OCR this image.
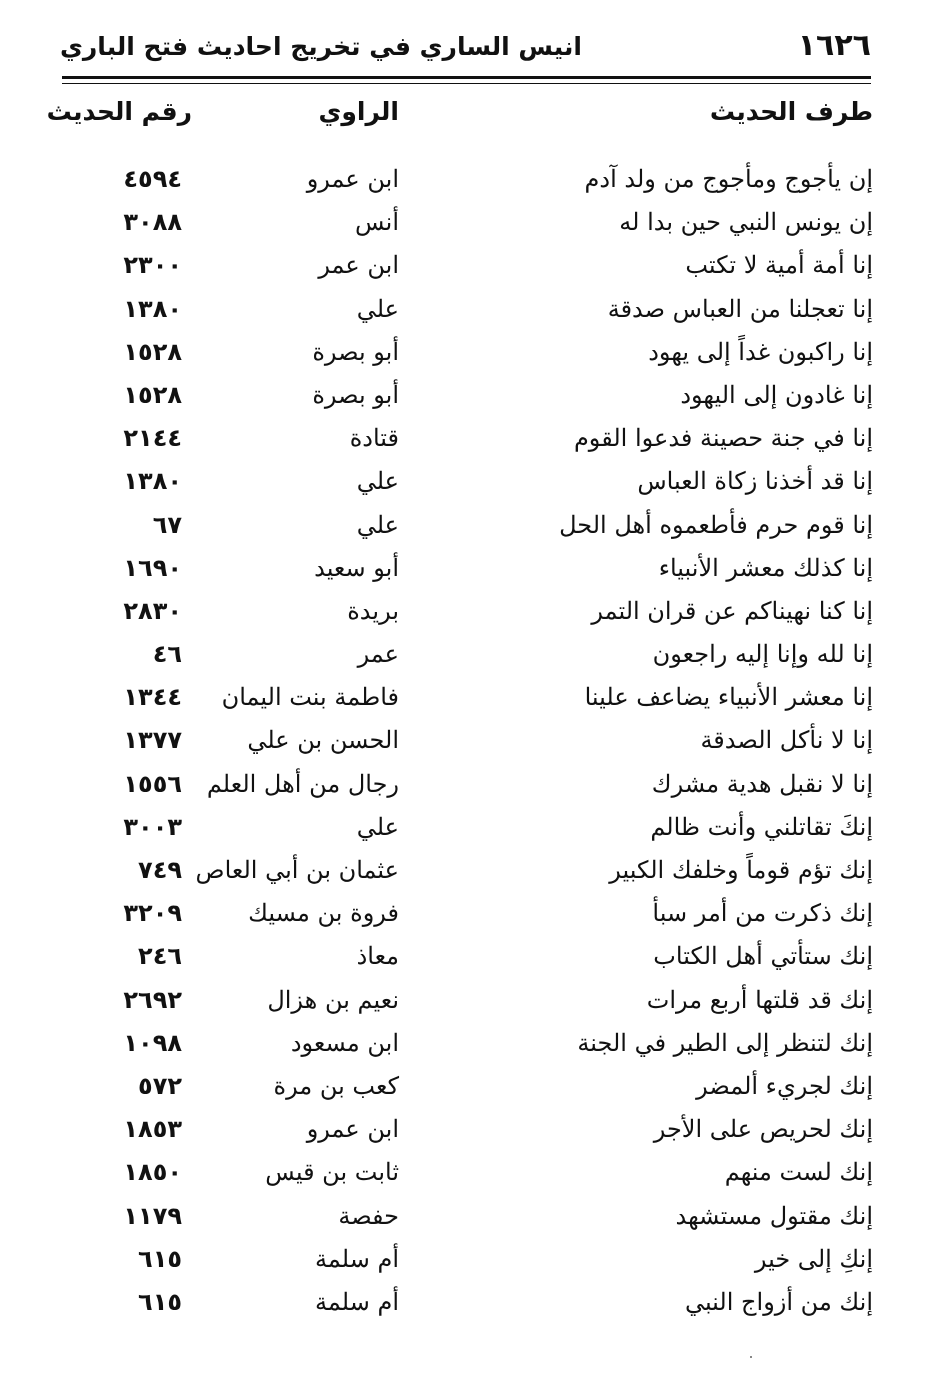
١٦٢٦
انيس الساري في تخريج احاديث فتح الباري
طرف الحديث
الراوي
رقم الحديث
إن يأجوج ومأجوج من ولد آدم
ابن عمرو
٤٥٩٤
إن يونس النبي حين بدا له
أنس
٣٠٨٨
إنا أمة أمية لا تكتب
ابن عمر
٢٣٠٠
إنا تعجلنا من العباس صدقة
علي
١٣٨٠
إنا راكبون غداً إلى يهود
أبو بصرة
١٥٢٨
إنا غادون إلى اليهود
أبو بصرة
١٥٢٨
إنا في جنة حصينة فدعوا القوم
قتادة
٢١٤٤
إنا قد أخذنا زكاة العباس
علي
١٣٨٠
إنا قوم حرم فأطعموه أهل الحل
علي
٦٧
إنا كذلك معشر الأنبياء
أبو سعيد
١٦٩٠
إنا كنا نهيناكم عن قران التمر
بريدة
٢٨٣٠
إنا لله وإنا إليه راجعون
عمر
٤٦
إنا معشر الأنبياء يضاعف علينا
فاطمة بنت اليمان
١٣٤٤
إنا لا نأكل الصدقة
الحسن بن علي
١٣٧٧
إنا لا نقبل هدية مشرك
رجال من أهل العلم
١٥٥٦
إنكَ تقاتلني وأنت ظالم
علي
٣٠٠٣
إنك تؤم قوماً وخلفك الكبير
عثمان بن أبي العاص
٧٤٩
إنك ذكرت من أمر سبأ
فروة بن مسيك
٣٢٠٩
إنك ستأتي أهل الكتاب
معاذ
٢٤٦
إنك قد قلتها أربع مرات
نعيم بن هزال
٢٦٩٢
إنك لتنظر إلى الطير في الجنة
ابن مسعود
١٠٩٨
إنك لجريء ألمضر
كعب بن مرة
٥٧٢
إنك لحريص على الأجر
ابن عمرو
١٨٥٣
إنك لست منهم
ثابت بن قيس
١٨٥٠
إنك مقتول مستشهد
حفصة
١١٧٩
إنكِ إلى خير
أم سلمة
٦١٥
إنك من أزواج النبي
أم سلمة
٦١٥
